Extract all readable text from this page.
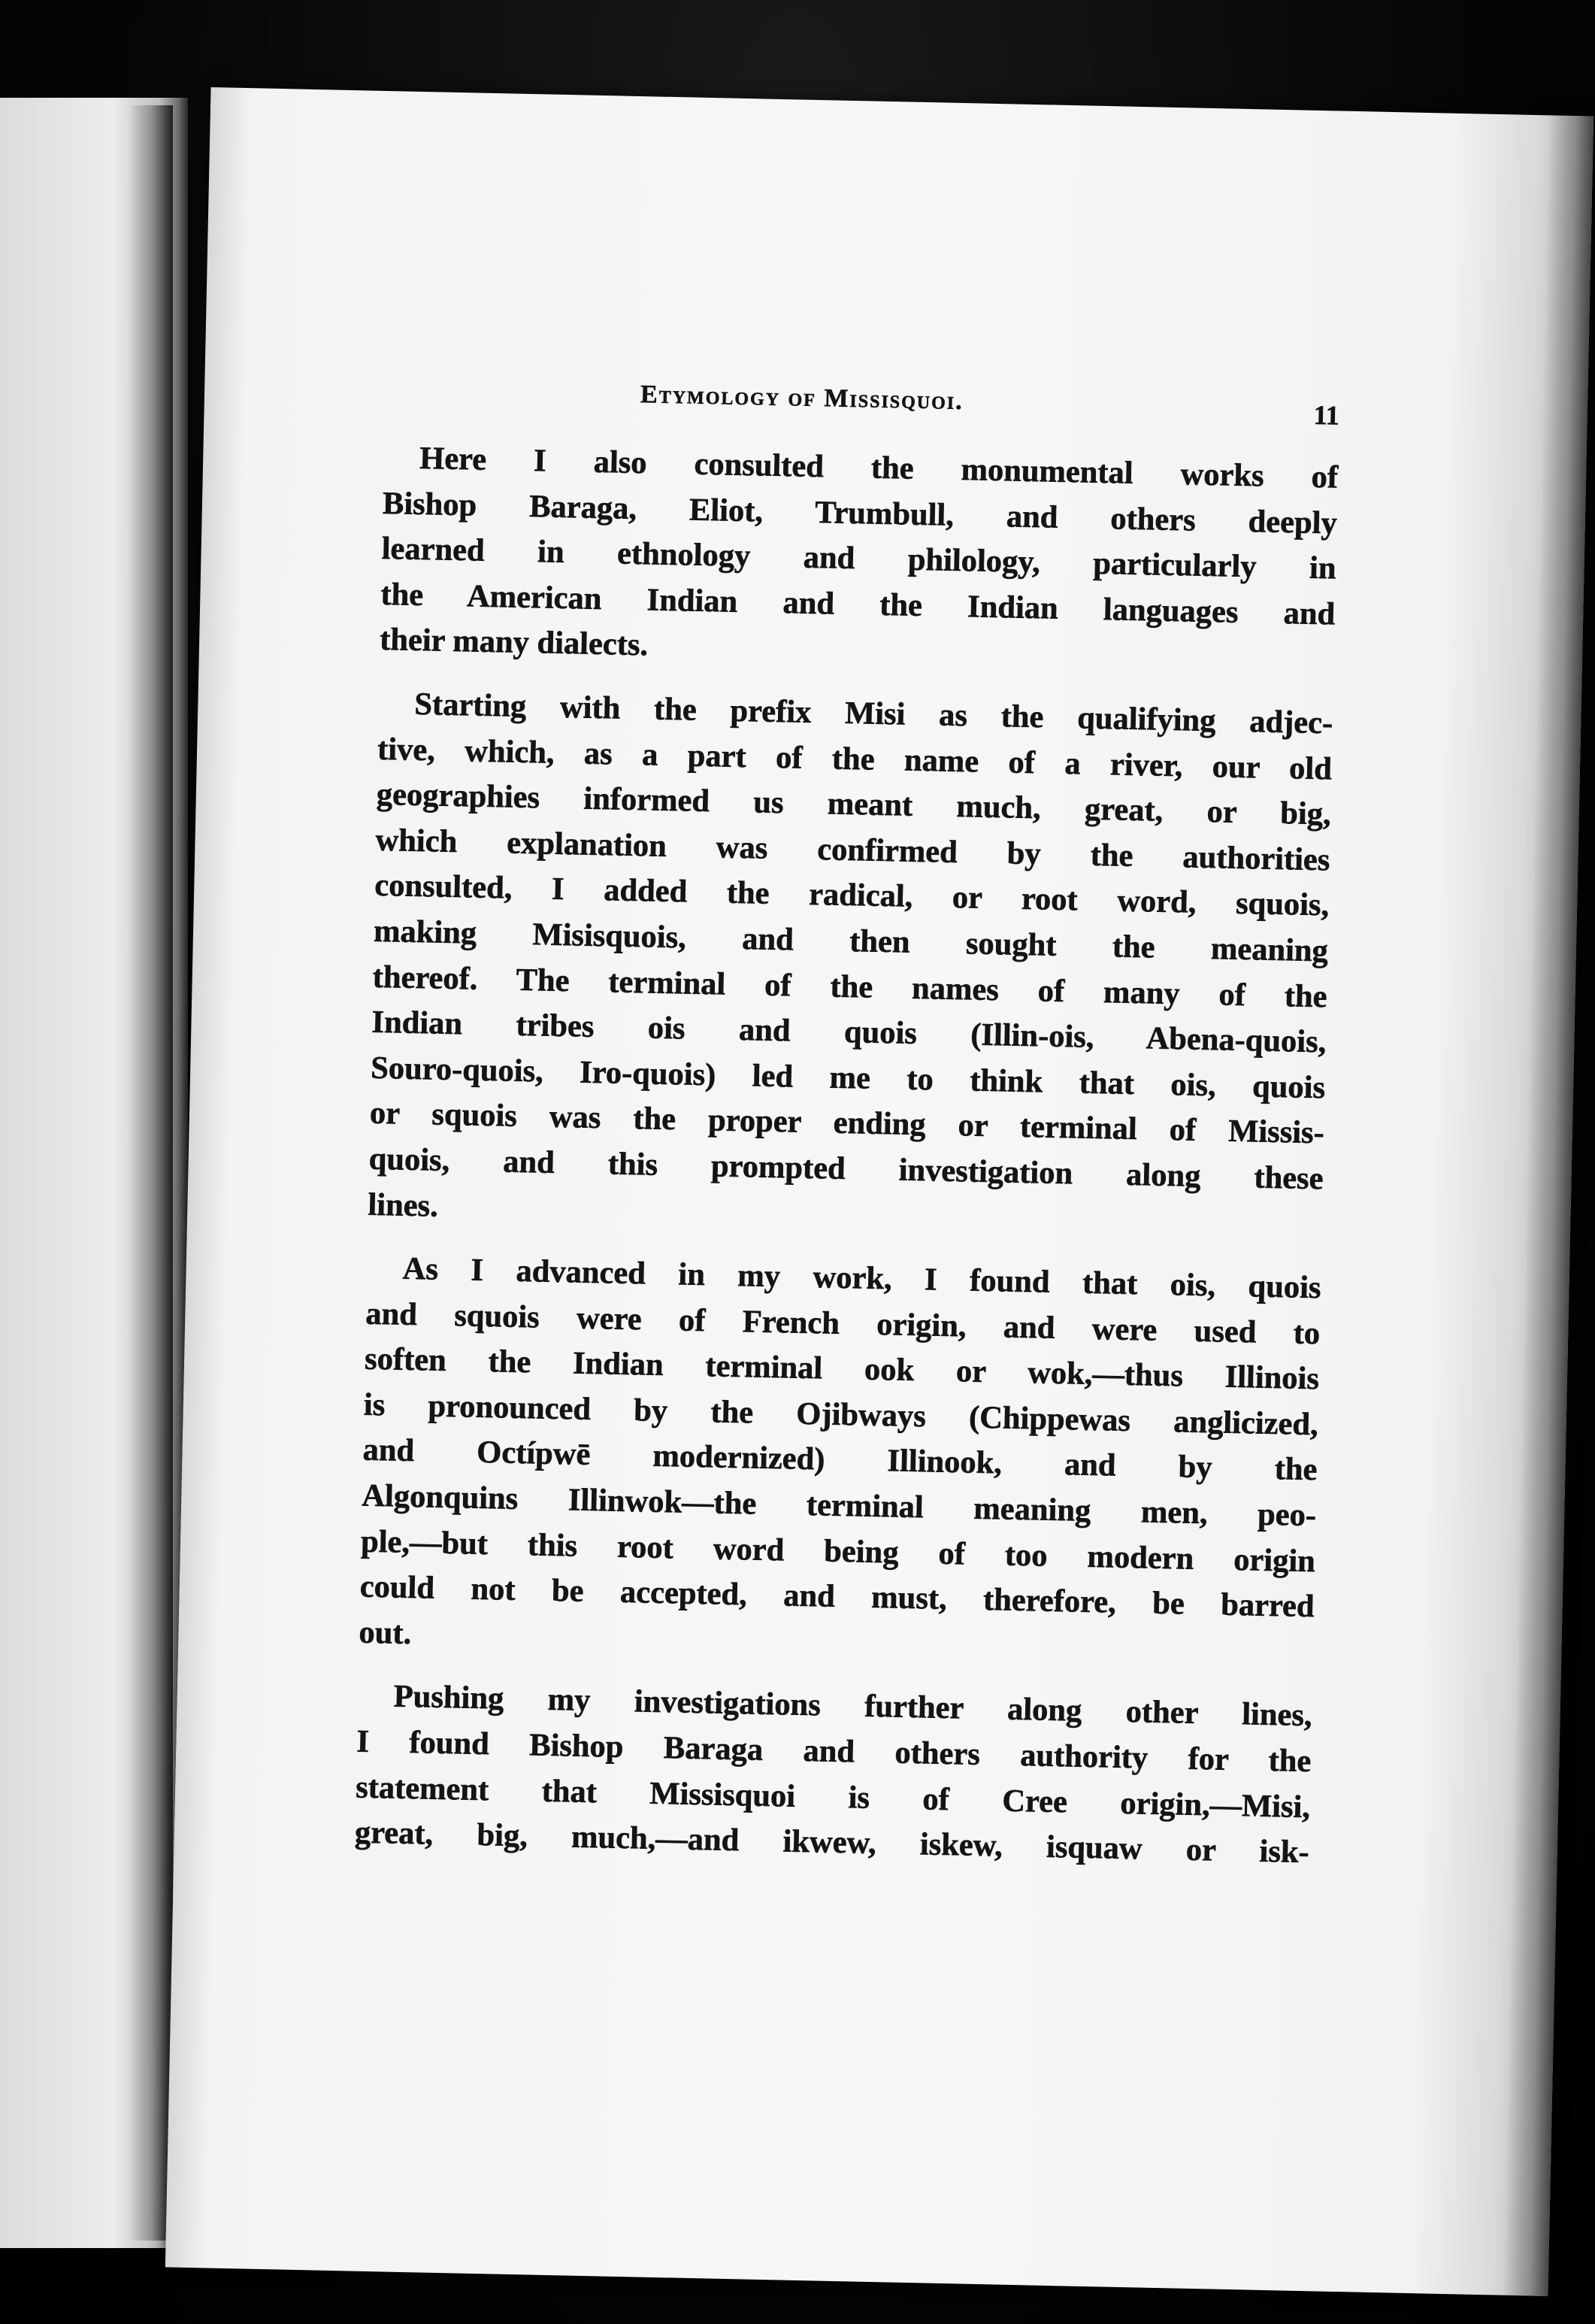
Etymology of Missisquoi.
11

Here I also consulted the monumental works of
Bishop Baraga, Eliot, Trumbull, and others deeply
learned in ethnology and philology, particularly in
the American Indian and the Indian languages and
their many dialects.

Starting with the prefix Misi as the qualifying adjec-
tive, which, as a part of the name of a river, our old
geographies informed us meant much, great, or big,
which explanation was confirmed by the authorities
consulted, I added the radical, or root word, squois,
making Misisquois, and then sought the meaning
thereof. The terminal of the names of many of the
Indian tribes ois and quois (Illin-ois, Abena-quois,
Souro-quois, Iro-quois) led me to think that ois, quois
or squois was the proper ending or terminal of Missis-
quois, and this prompted investigation along these
lines.

As I advanced in my work, I found that ois, quois
and squois were of French origin, and were used to
soften the Indian terminal ook or wok,—thus Illinois
is pronounced by the Ojibways (Chippewas anglicized,
and Octípwē modernized) Illinook, and by the
Algonquins Illinwok—the terminal meaning men, peo-
ple,—but this root word being of too modern origin
could not be accepted, and must, therefore, be barred
out.

Pushing my investigations further along other lines,
I found Bishop Baraga and others authority for the
statement that Missisquoi is of Cree origin,—Misi,
great, big, much,—and ikwew, iskew, isquaw or isk-
